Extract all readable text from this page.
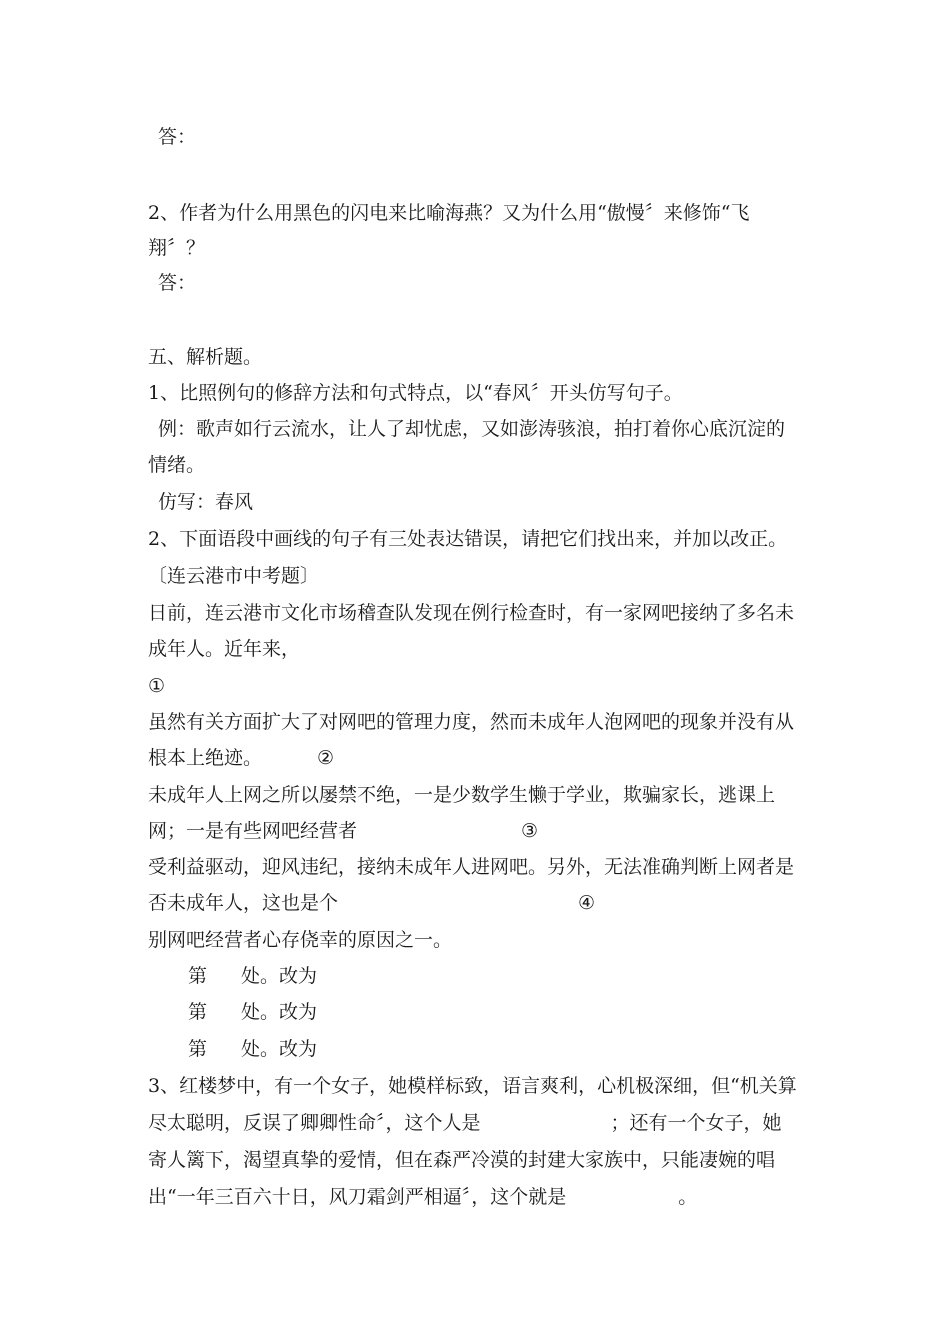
答：

2、作者为什么用黑色的闪电来比喻海燕？又为什么用“傲慢〞来修饰“飞

翔〞？

答：

五、解析题。

1、比照例句的修辞方法和句式特点，以“春风〞开头仿写句子。

例：歌声如行云流水，让人了却忧虑，又如澎涛骇浪，拍打着你心底沉淀的

情绪。

仿写：春风

2、下面语段中画线的句子有三处表达错误，请把它们找出来，并加以改正。

〔连云港市中考题〕

日前，连云港市文化市场稽查队发现在例行检查时，有一家网吧接纳了多名未

成年人。近年来，

①

虽然有关方面扩大了对网吧的管理力度，然而未成年人泡网吧的现象并没有从

根本上绝迹。	②

未成年人上网之所以屡禁不绝，一是少数学生懒于学业，欺骗家长，逃课上

网；一是有些网吧经营者	③

受利益驱动，迎风违纪，接纳未成年人进网吧。另外，无法准确判断上网者是

否未成年人，这也是个	④

别网吧经营者心存侥幸的原因之一。

第 处。改为

第 处。改为

第 处。改为

3、红楼梦中，有一个女子，她模样标致，语言爽利，心机极深细，但“机关算

尽太聪明，反误了卿卿性命〞，这个人是	；还有一个女子，她

寄人篱下，渴望真挚的爱情，但在森严冷漠的封建大家族中，只能凄婉的唱

出“一年三百六十日，风刀霜剑严相逼〞，这个就是	。
